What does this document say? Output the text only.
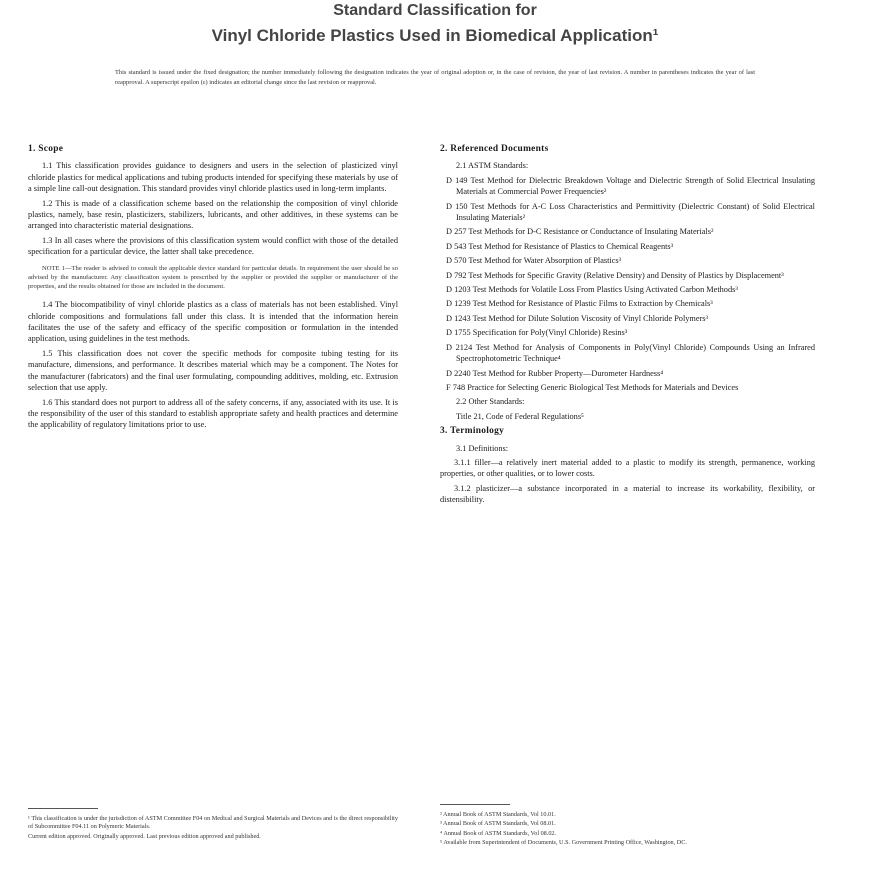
Standard Classification for
Vinyl Chloride Plastics Used in Biomedical Application¹
This standard is issued under the fixed designation; the number immediately following the designation indicates the year of original adoption or, in the case of revision, the year of last revision. A number in parentheses indicates the year of last reapproval. A superscript epsilon (ε) indicates an editorial change since the last revision or reapproval.
1. Scope

1.1 This classification provides guidance to designers and users in the selection of plasticized vinyl chloride plastics for medical applications and tubing products intended for specifying these materials by use of a simple line call-out designation. This standard provides vinyl chloride plastics used in long-term implants.

1.2 This is made of a classification scheme based on the relationship the composition of vinyl chloride plastics, namely, base resin, plasticizers, stabilizers, lubricants, and other additives, in these systems can be arranged into characteristic material designations.

1.3 In all cases where the provisions of this classification system would conflict with those of the detailed specification for a particular device, the latter shall take precedence.

NOTE 1—The reader is advised to consult the applicable device standard for particular details. In requirement the user should be so advised by the manufacturer. Any classification system is prescribed by the supplier or provided the supplier or manufacturer of the properties, and the results obtained for those are included in the document.

1.4 The biocompatibility of vinyl chloride plastics as a class of materials has not been established. Vinyl chloride compositions and formulations fall under this class. It is intended that the information herein facilitates the use of the safety and efficacy of the specific composition or formulation in the intended application, using guidelines in the test methods.

1.5 This classification does not cover the specific methods for composite tubing testing for its manufacture, dimensions, and performance. It describes material which may be a component. The Notes for the manufacturer (fabricators) and the final user formulating, compounding additives, molding, etc. Extrusion selection that use apply.

1.6 This standard does not purport to address all of the safety concerns, if any, associated with its use. It is the responsibility of the user of this standard to establish appropriate safety and health practices and determine the applicability of regulatory limitations prior to use.

2. Referenced Documents
2.1 ASTM Standards:
D 149 Test Method for Dielectric Breakdown Voltage and Dielectric Strength of Solid Electrical Insulating Materials at Commercial Power Frequencies²
D 150 Test Methods for A-C Loss Characteristics and Permittivity (Dielectric Constant) of Solid Electrical Insulating Materials²
D 257 Test Methods for D-C Resistance or Conductance of Insulating Materials²
D 543 Test Method for Resistance of Plastics to Chemical Reagents³
D 570 Test Method for Water Absorption of Plastics³
D 792 Test Methods for Specific Gravity (Relative Density) and Density of Plastics by Displacement³
D 1203 Test Methods for Volatile Loss From Plastics Using Activated Carbon Methods³
D 1239 Test Method for Resistance of Plastic Films to Extraction by Chemicals³
D 1243 Test Method for Dilute Solution Viscosity of Vinyl Chloride Polymers³
D 1755 Specification for Poly(Vinyl Chloride) Resins³
D 2124 Test Method for Analysis of Components in Poly(Vinyl Chloride) Compounds Using an Infrared Spectrophotometric Technique⁴
D 2240 Test Method for Rubber Property—Durometer Hardness⁴
F 748 Practice for Selecting Generic Biological Test Methods for Materials and Devices
2.2 Other Standards:
Title 21, Code of Federal Regulations⁵
3. Terminology
3.1 Definitions:
3.1.1 filler—a relatively inert material added to a plastic to modify its strength, permanence, working properties, or other qualities, or to lower costs.
3.1.2 plasticizer—a substance incorporated in a material to increase its workability, flexibility, or distensibility.
¹ This classification is under the jurisdiction of ASTM Committee F04 on Medical and Surgical Materials and Devices and is the direct responsibility of Subcommittee F04.11 on Polymeric Materials.
Current edition approved. Originally approved. Last previous edition approved and published.
² Annual Book of ASTM Standards, Vol 10.01.
³ Annual Book of ASTM Standards, Vol 08.01.
⁴ Annual Book of ASTM Standards, Vol 08.02.
⁵ Available from Superintendent of Documents, U.S. Government Printing Office, Washington, DC.
